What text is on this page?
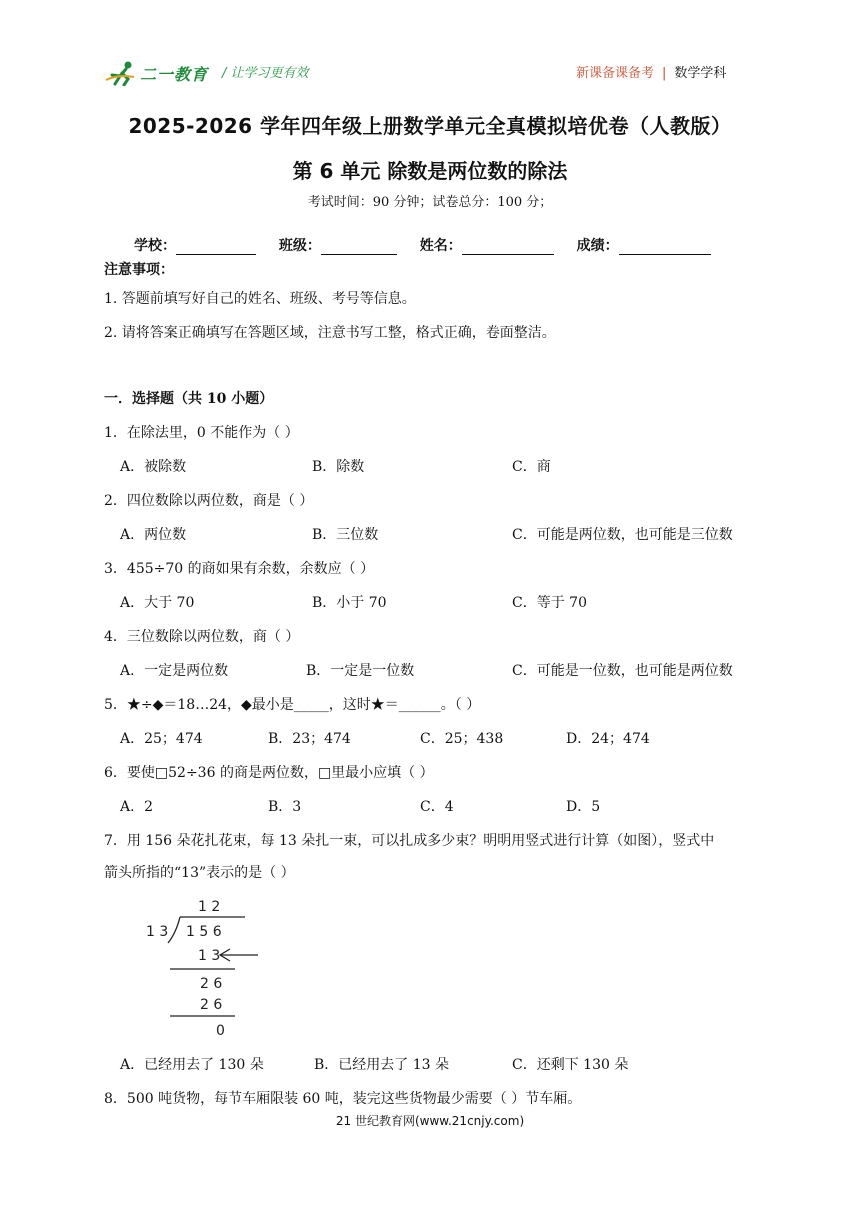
二一教育 / 让学习更有效	新课备课备考 | 数学学科
2025-2026 学年四年级上册数学单元全真模拟培优卷（人教版）
第 6 单元 除数是两位数的除法
考试时间：90 分钟；试卷总分：100 分；
学校：	班级：	姓名：	成绩：
注意事项：
1. 答题前填写好自己的姓名、班级、考号等信息。
2. 请将答案正确填写在答题区域，注意书写工整，格式正确，卷面整洁。
一．选择题（共 10 小题）
1．在除法里，0 不能作为（ ）
A．被除数	B．除数	C．商
2．四位数除以两位数，商是（ ）
A．两位数	B．三位数	C．可能是两位数，也可能是三位数
3．455÷70 的商如果有余数，余数应（ ）
A．大于 70	B．小于 70	C．等于 70
4．三位数除以两位数，商（ ）
A．一定是两位数	B．一定是一位数	C．可能是一位数，也可能是两位数
5．★÷◆＝18…24，◆最小是_____，这时★＝______。（ ）
A．25；474	B．23；474	C．25；438	D．24；474
6．要使□52÷36 的商是两位数，□里最小应填（ ）
A．2	B．3	C．4	D．5
7．用 156 朵花扎花束，每 13 朵扎一束，可以扎成多少束？明明用竖式进行计算（如图），竖式中
箭头所指的“13”表示的是（ ）
1 2
1 3 1 5 6
1 3
2 6
2 6
0
A．已经用去了 130 朵	B．已经用去了 13 朵	C．还剩下 130 朵
8．500 吨货物，每节车厢限装 60 吨，装完这些货物最少需要（ ）节车厢。
21 世纪教育网(www.21cnjy.com)
